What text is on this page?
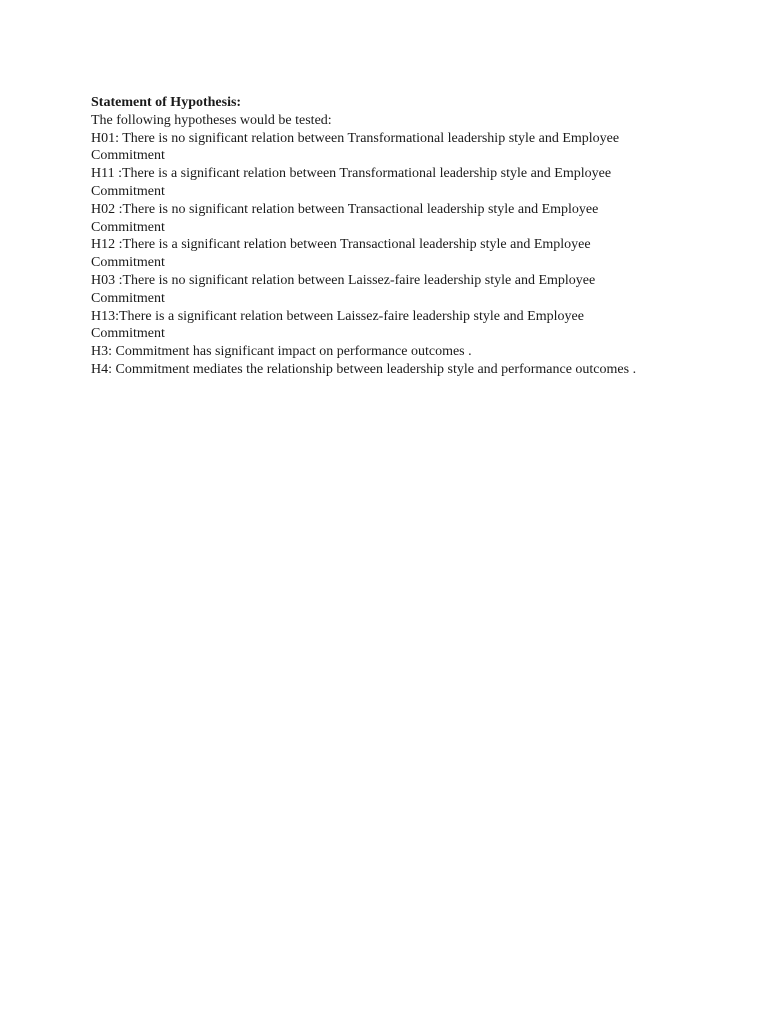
Statement of Hypothesis:

The following hypotheses would be tested:

H01: There is no significant relation between Transformational leadership style and Employee

Commitment

H11 :There is a significant relation between Transformational leadership style and Employee

Commitment

H02 :There is no significant relation between Transactional leadership style and Employee

Commitment

H12 :There is a significant relation between Transactional leadership style and Employee

Commitment

H03 :There is no significant relation between Laissez-faire leadership style and Employee

Commitment

H13:There is a significant relation between Laissez-faire leadership style and Employee

Commitment

H3: Commitment has significant impact on performance outcomes .

H4: Commitment mediates the relationship between leadership style and performance outcomes .
